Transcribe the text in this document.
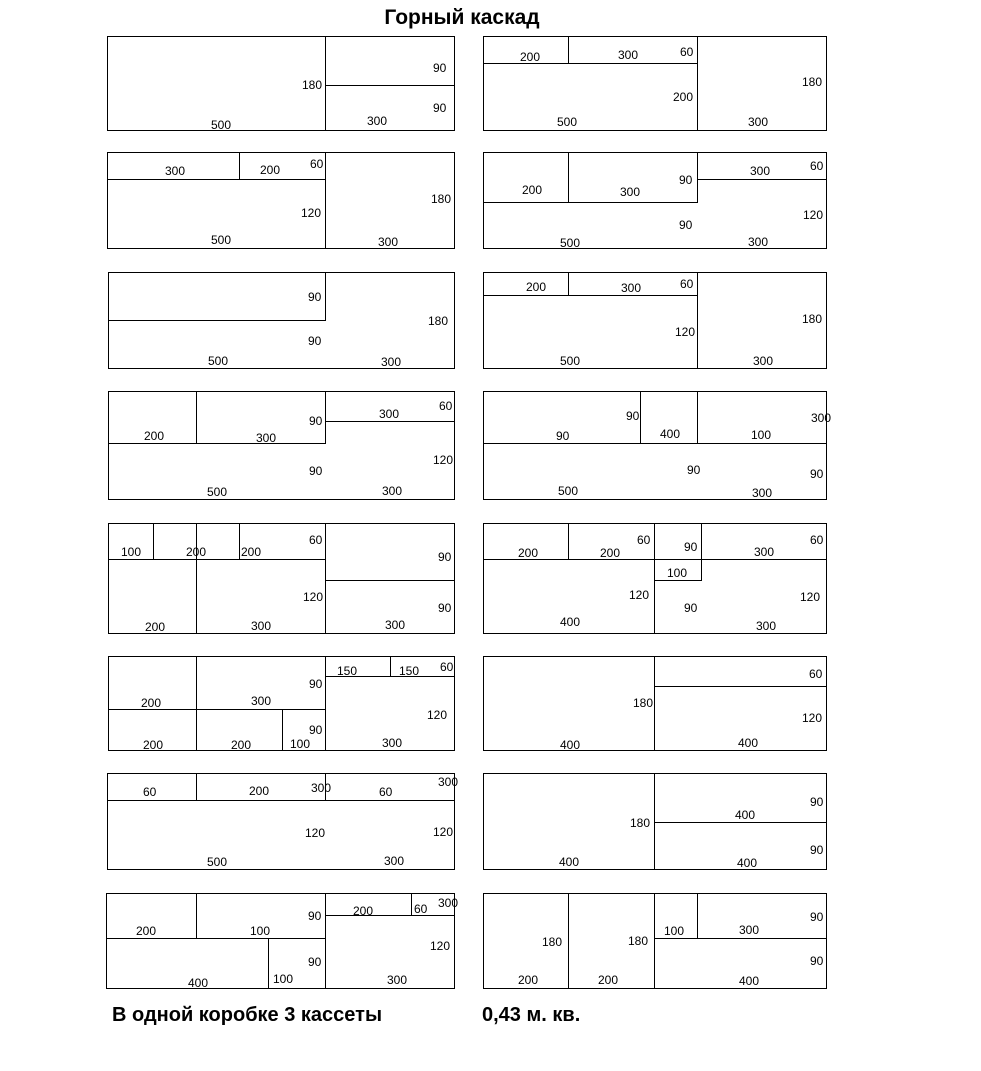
Горный каскад
180
90
90
500	300
200	300	60
180
200
500	300
300	200 60
180
120
500	300
300	60
90
200	300
120
90
500	300
90
180
90
500	300
200	300	60
180
120
500	300
300
60
90
200	300
120
90
500	300
90
90	400	100
300
90	90
500	300
60
100	200	200	90
120
90
200	300	300
60
200	200	90	300
60
100
120	120
90
400	300
150	150 60
90
200	300
120
90
200	200	100	300
60
180
120
400	400
60	200	300	60
300
120	120
500	300
90
180
400
90
400	400
90
200	100
60
200
300
120
90
400	100	300
180	180
100	300
90
90
200	200	400
В одной коробке 3 кассеты	0,43 м. кв.
